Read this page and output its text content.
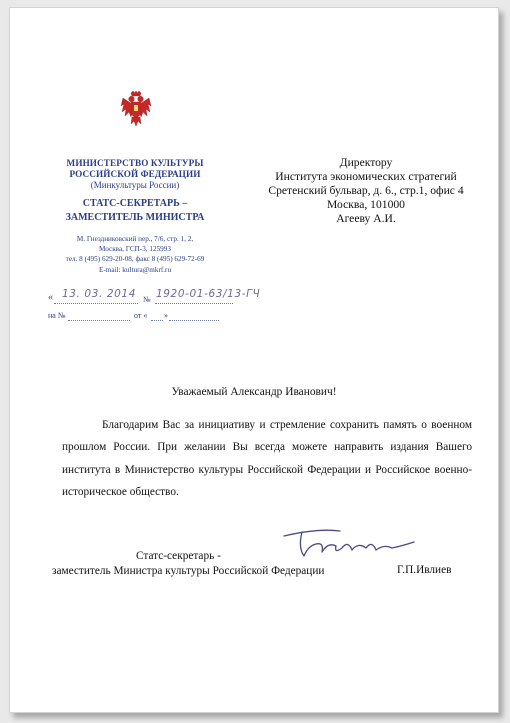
МИНИСТЕРСТВО КУЛЬТУРЫ
РОССИЙСКОЙ ФЕДЕРАЦИИ
(Минкультуры России)
СТАТС-СЕКРЕТАРЬ –
ЗАМЕСТИТЕЛЬ МИНИСТРА
М. Гнездниковский пер., 7/6, стр. 1, 2,
Москва, ГСП-3, 125993
тел. 8 (495) 629-20-08, факс 8 (495) 629-72-69
E-mail: kultura@mkrf.ru
Директору
Института экономических стратегий
Сретенский бульвар, д. 6., стр.1, офис 4
Москва, 101000
Агееву А.И.
« 13. 03. 2014 № 1920-01-63/13-ГЧ
на №	от « »
Уважаемый Александр Иванович!
Благодарим Вас за инициативу и стремление сохранить память о военном прошлом России. При желании Вы всегда можете направить издания Вашего института в Министерство культуры Российской Федерации и Российское военно-историческое общество.
Статс-секретарь -
заместитель Министра культуры Российской Федерации	Г.П.Ивлиев
